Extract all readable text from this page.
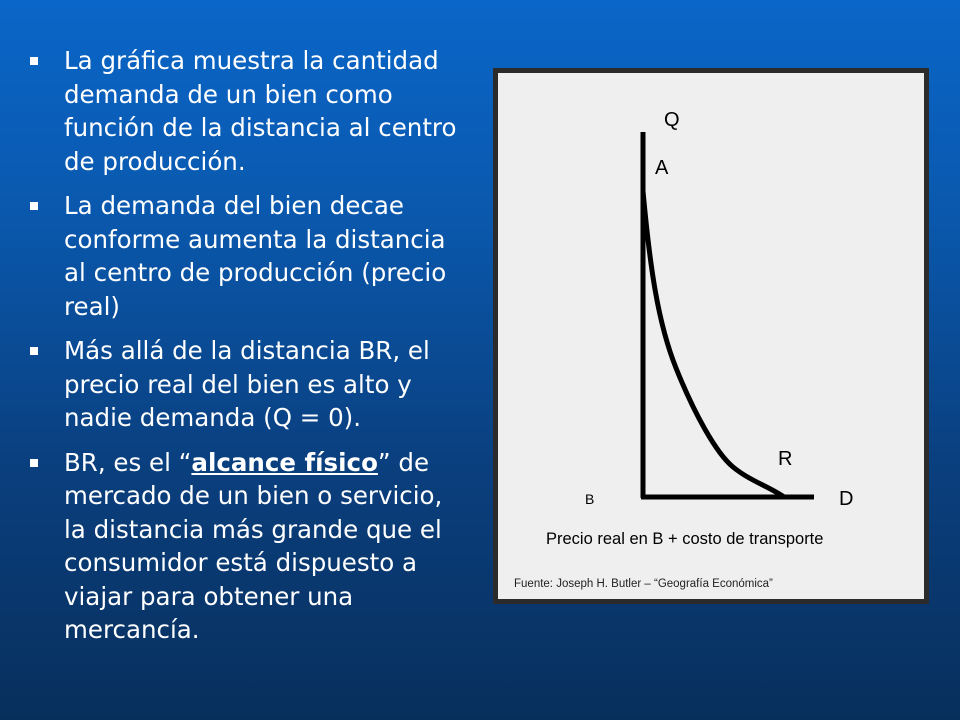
La gráfica muestra la cantidad demanda de un bien como función de la distancia al centro de producción.
La demanda del bien decae conforme aumenta la distancia al centro de producción (precio real)
Más allá de la distancia BR, el precio real del bien es alto y nadie demanda (Q = 0).
BR, es el “alcance físico” de mercado de un bien o servicio, la distancia más grande que el consumidor está dispuesto a viajar para obtener una mercancía.
Q
A
R
B	D
Precio real en B + costo de transporte
Fuente: Joseph H. Butler – “Geografía Económica”
